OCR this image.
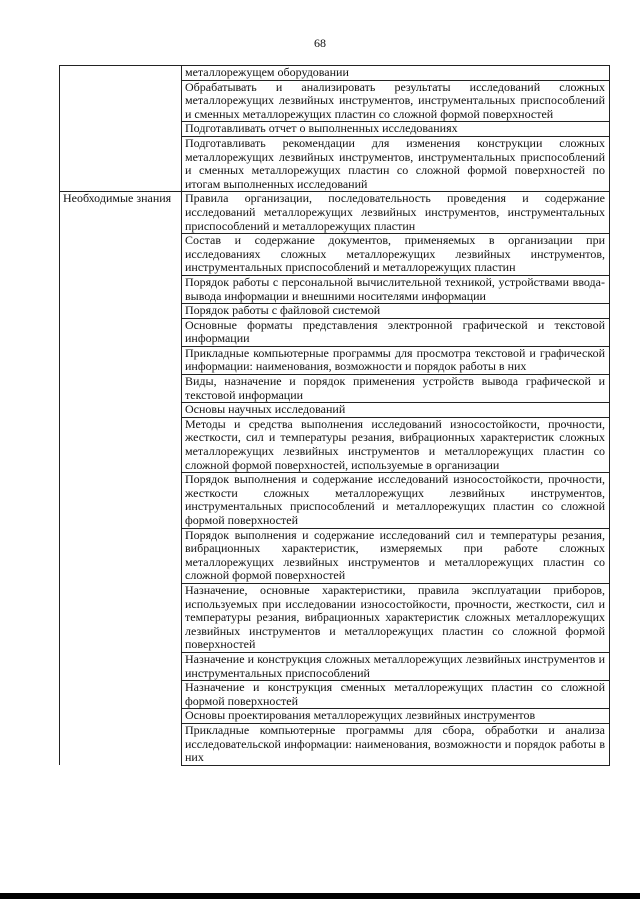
68
	металлорежущем оборудовании
	Обрабатывать и анализировать результаты исследований сложных металлорежущих лезвийных инструментов, инструментальных приспособлений и сменных металлорежущих пластин со сложной формой поверхностей
	Подготавливать отчет о выполненных исследованиях
	Подготавливать рекомендации для изменения конструкции сложных металлорежущих лезвийных инструментов, инструментальных приспособлений и сменных металлорежущих пластин со сложной формой поверхностей по итогам выполненных исследований
Необходимые знания	Правила организации, последовательность проведения и содержание исследований металлорежущих лезвийных инструментов, инструментальных приспособлений и металлорежущих пластин
	Состав и содержание документов, применяемых в организации при исследованиях сложных металлорежущих лезвийных инструментов, инструментальных приспособлений и металлорежущих пластин
	Порядок работы с персональной вычислительной техникой, устройствами ввода-вывода информации и внешними носителями информации
	Порядок работы с файловой системой
	Основные форматы представления электронной графической и текстовой информации
	Прикладные компьютерные программы для просмотра текстовой и графической информации: наименования, возможности и порядок работы в них
	Виды, назначение и порядок применения устройств вывода графической и текстовой информации
	Основы научных исследований
	Методы и средства выполнения исследований износостойкости, прочности, жесткости, сил и температуры резания, вибрационных характеристик сложных металлорежущих лезвийных инструментов и металлорежущих пластин со сложной формой поверхностей, используемые в организации
	Порядок выполнения и содержание исследований износостойкости, прочности, жесткости сложных металлорежущих лезвийных инструментов, инструментальных приспособлений и металлорежущих пластин со сложной формой поверхностей
	Порядок выполнения и содержание исследований сил и температуры резания, вибрационных характеристик, измеряемых при работе сложных металлорежущих лезвийных инструментов и металлорежущих пластин со сложной формой поверхностей
	Назначение, основные характеристики, правила эксплуатации приборов, используемых при исследовании износостойкости, прочности, жесткости, сил и температуры резания, вибрационных характеристик сложных металлорежущих лезвийных инструментов и металлорежущих пластин со сложной формой поверхностей
	Назначение и конструкция сложных металлорежущих лезвийных инструментов и инструментальных приспособлений
	Назначение и конструкция сменных металлорежущих пластин со сложной формой поверхностей
	Основы проектирования металлорежущих лезвийных инструментов
	Прикладные компьютерные программы для сбора, обработки и анализа исследовательской информации: наименования, возможности и порядок работы в них
